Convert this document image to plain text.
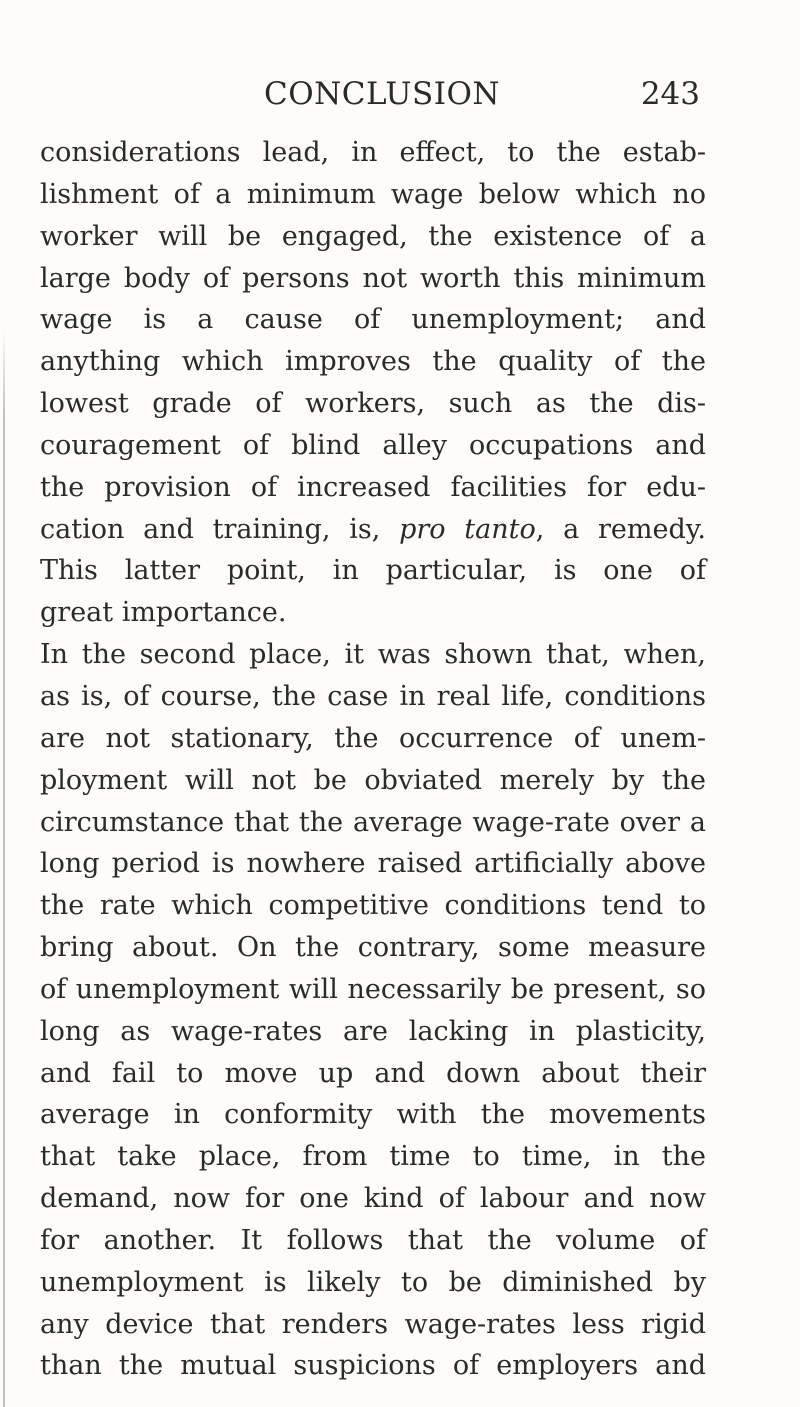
CONCLUSION	243
considerations lead, in effect, to the estab-
lishment of a minimum wage below which no
worker will be engaged, the existence of a
large body of persons not worth this minimum
wage is a cause of unemployment; and
anything which improves the quality of the
lowest grade of workers, such as the dis-
couragement of blind alley occupations and
the provision of increased facilities for edu-
cation and training, is, pro tanto, a remedy.
This latter point, in particular, is one of
great importance.
In the second place, it was shown that, when,
as is, of course, the case in real life, conditions
are not stationary, the occurrence of unem-
ployment will not be obviated merely by the
circumstance that the average wage-rate over a
long period is nowhere raised artificially above
the rate which competitive conditions tend to
bring about. On the contrary, some measure
of unemployment will necessarily be present, so
long as wage-rates are lacking in plasticity,
and fail to move up and down about their
average in conformity with the movements
that take place, from time to time, in the
demand, now for one kind of labour and now
for another. It follows that the volume of
unemployment is likely to be diminished by
any device that renders wage-rates less rigid
than the mutual suspicions of employers and
